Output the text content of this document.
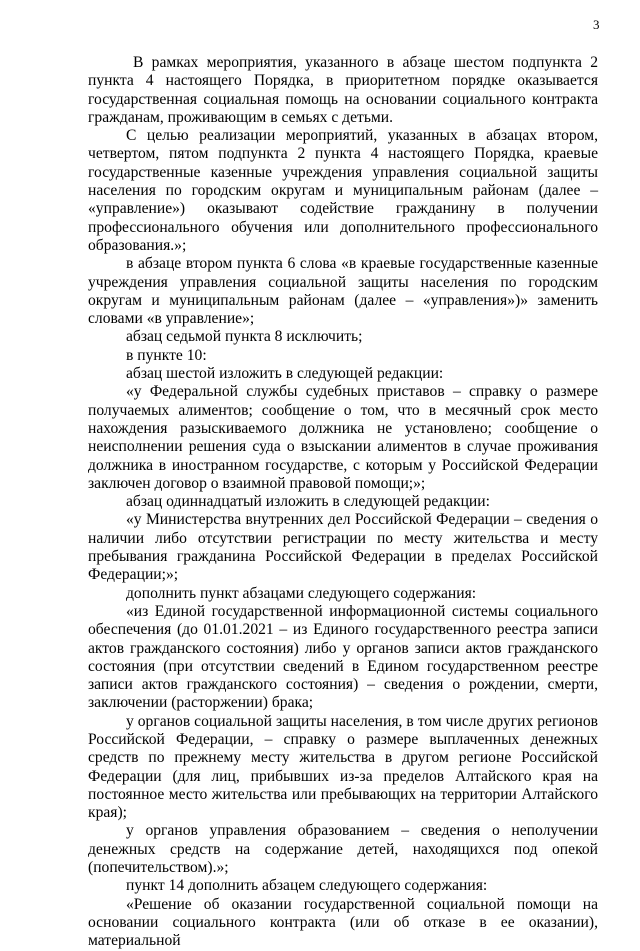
3

В рамках мероприятия, указанного в абзаце шестом подпункта 2 пункта 4 настоящего Порядка, в приоритетном порядке оказывается государственная социальная помощь на основании социального контракта гражданам, проживающим в семьях с детьми.

С целью реализации мероприятий, указанных в абзацах втором, четвертом, пятом подпункта 2 пункта 4 настоящего Порядка, краевые государственные казенные учреждения управления социальной защиты населения по городским округам и муниципальным районам (далее – «управление») оказывают содействие гражданину в получении профессионального обучения или дополнительного профессионального образования.»;

в абзаце втором пункта 6 слова «в краевые государственные казенные учреждения управления социальной защиты населения по городским округам и муниципальным районам (далее – «управления»)» заменить словами «в управление»;

абзац седьмой пункта 8 исключить;

в пункте 10:

абзац шестой изложить в следующей редакции:

«у Федеральной службы судебных приставов – справку о размере получаемых алиментов; сообщение о том, что в месячный срок место нахождения разыскиваемого должника не установлено; сообщение о неисполнении решения суда о взыскании алиментов в случае проживания должника в иностранном государстве, с которым у Российской Федерации заключен договор о взаимной правовой помощи;»;

абзац одиннадцатый изложить в следующей редакции:

«у Министерства внутренних дел Российской Федерации – сведения о наличии либо отсутствии регистрации по месту жительства и месту пребывания гражданина Российской Федерации в пределах Российской Федерации;»;

дополнить пункт абзацами следующего содержания:

«из Единой государственной информационной системы социального обеспечения (до 01.01.2021 – из Единого государственного реестра записи актов гражданского состояния) либо у органов записи актов гражданского состояния (при отсутствии сведений в Едином государственном реестре записи актов гражданского состояния) – сведения о рождении, смерти, заключении (расторжении) брака;

у органов социальной защиты населения, в том числе других регионов Российской Федерации, – справку о размере выплаченных денежных средств по прежнему месту жительства в другом регионе Российской Федерации (для лиц, прибывших из-за пределов Алтайского края на постоянное место жительства или пребывающих на территории Алтайского края);

у органов управления образованием – сведения о неполучении денежных средств на содержание детей, находящихся под опекой (попечительством).»;

пункт 14 дополнить абзацем следующего содержания:

«Решение об оказании государственной социальной помощи на основании социального контракта (или об отказе в ее оказании), материальной
